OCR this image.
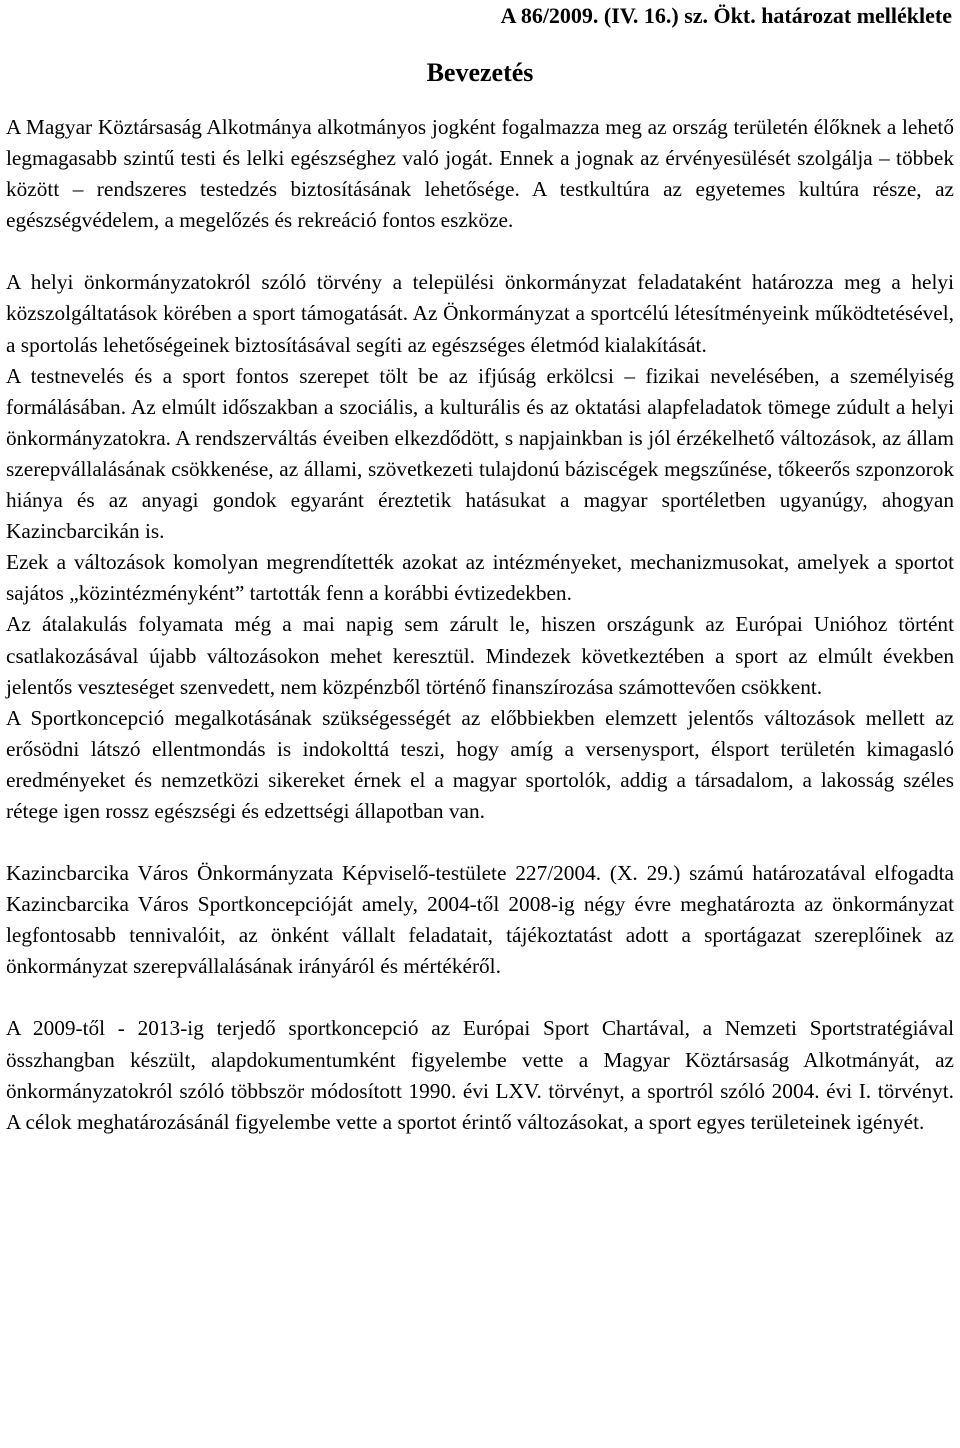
A 86/2009. (IV. 16.) sz. Ökt. határozat melléklete

Bevezetés

A Magyar Köztársaság Alkotmánya alkotmányos jogként fogalmazza meg az ország területén élőknek a lehető legmagasabb szintű testi és lelki egészséghez való jogát. Ennek a jognak az érvényesülését szolgálja – többek között – rendszeres testedzés biztosításának lehetősége. A testkultúra az egyetemes kultúra része, az egészségvédelem, a megelőzés és rekreáció fontos eszköze.

A helyi önkormányzatokról szóló törvény a települési önkormányzat feladataként határozza meg a helyi közszolgáltatások körében a sport támogatását. Az Önkormányzat a sportcélú létesítményeink működtetésével, a sportolás lehetőségeinek biztosításával segíti az egészséges életmód kialakítását.

A testnevelés és a sport fontos szerepet tölt be az ifjúság erkölcsi – fizikai nevelésében, a személyiség formálásában. Az elmúlt időszakban a szociális, a kulturális és az oktatási alapfeladatok tömege zúdult a helyi önkormányzatokra. A rendszerváltás éveiben elkezdődött, s napjainkban is jól érzékelhető változások, az állam szerepvállalásának csökkenése, az állami, szövetkezeti tulajdonú báziscégek megszűnése, tőkeerős szponzorok hiánya és az anyagi gondok egyaránt éreztetik hatásukat a magyar sportéletben ugyanúgy, ahogyan Kazincbarcikán is.

Ezek a változások komolyan megrendítették azokat az intézményeket, mechanizmusokat, amelyek a sportot sajátos „közintézményként” tartották fenn a korábbi évtizedekben.

Az átalakulás folyamata még a mai napig sem zárult le, hiszen országunk az Európai Unióhoz történt csatlakozásával újabb változásokon mehet keresztül. Mindezek következtében a sport az elmúlt években jelentős veszteséget szenvedett, nem közpénzből történő finanszírozása számottevően csökkent.

A Sportkoncepció megalkotásának szükségességét az előbbiekben elemzett jelentős változások mellett az erősödni látszó ellentmondás is indokolttá teszi, hogy amíg a versenysport, élsport területén kimagasló eredményeket és nemzetközi sikereket érnek el a magyar sportolók, addig a társadalom, a lakosság széles rétege igen rossz egészségi és edzettségi állapotban van.

Kazincbarcika Város Önkormányzata Képviselő-testülete 227/2004. (X. 29.) számú határozatával elfogadta Kazincbarcika Város Sportkoncepcióját amely, 2004-től 2008-ig négy évre meghatározta az önkormányzat legfontosabb tennivalóit, az önként vállalt feladatait, tájékoztatást adott a sportágazat szereplőinek az önkormányzat szerepvállalásának irányáról és mértékéről.

A 2009-től - 2013-ig terjedő sportkoncepció az Európai Sport Chartával, a Nemzeti Sportstratégiával összhangban készült, alapdokumentumként figyelembe vette a Magyar Köztársaság Alkotmányát, az önkormányzatokról szóló többször módosított 1990. évi LXV. törvényt, a sportról szóló 2004. évi I. törvényt. A célok meghatározásánál figyelembe vette a sportot érintő változásokat, a sport egyes területeinek igényét.
